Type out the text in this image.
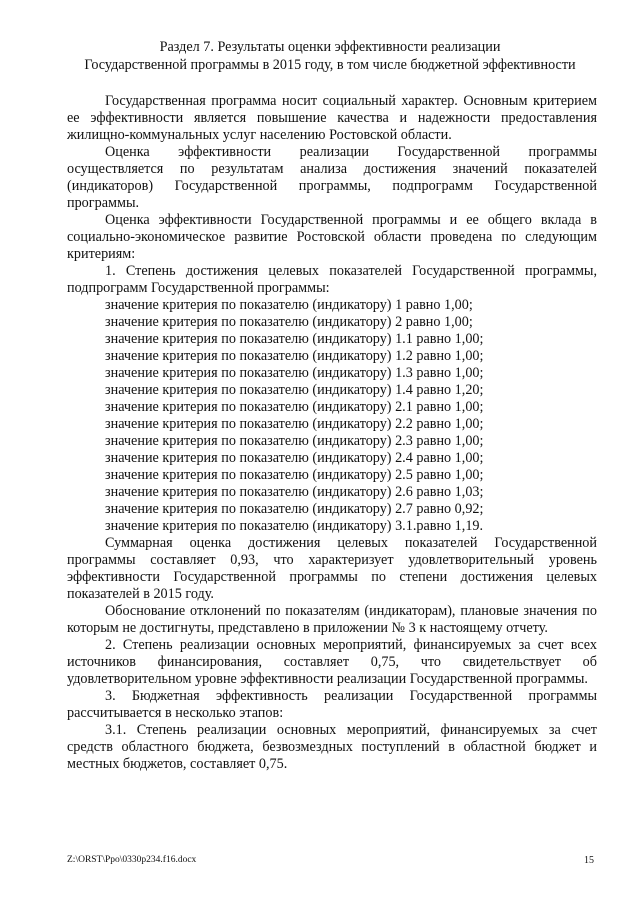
Раздел 7. Результаты оценки эффективности реализации
Государственной программы в 2015 году, в том числе бюджетной эффективности

Государственная программа носит социальный характер. Основным критерием ее эффективности является повышение качества и надежности предоставления жилищно-коммунальных услуг населению Ростовской области.

Оценка эффективности реализации Государственной программы осуществляется по результатам анализа достижения значений показателей (индикаторов) Государственной программы, подпрограмм Государственной программы.

Оценка эффективности Государственной программы и ее общего вклада в социально-экономическое развитие Ростовской области проведена по следующим критериям:

1. Степень достижения целевых показателей Государственной программы, подпрограмм Государственной программы:

значение критерия по показателю (индикатору) 1 равно 1,00;

значение критерия по показателю (индикатору) 2 равно 1,00;

значение критерия по показателю (индикатору) 1.1 равно 1,00;

значение критерия по показателю (индикатору) 1.2 равно 1,00;

значение критерия по показателю (индикатору) 1.3 равно 1,00;

значение критерия по показателю (индикатору) 1.4 равно 1,20;

значение критерия по показателю (индикатору) 2.1 равно 1,00;

значение критерия по показателю (индикатору) 2.2 равно 1,00;

значение критерия по показателю (индикатору) 2.3 равно 1,00;

значение критерия по показателю (индикатору) 2.4 равно 1,00;

значение критерия по показателю (индикатору) 2.5 равно 1,00;

значение критерия по показателю (индикатору) 2.6 равно 1,03;

значение критерия по показателю (индикатору) 2.7 равно 0,92;

значение критерия по показателю (индикатору) 3.1.равно 1,19.

Суммарная оценка достижения целевых показателей Государственной программы составляет 0,93, что характеризует удовлетворительный уровень эффективности Государственной программы по степени достижения целевых показателей в 2015 году.

Обоснование отклонений по показателям (индикаторам), плановые значения по которым не достигнуты, представлено в приложении № 3 к настоящему отчету.

2. Степень реализации основных мероприятий, финансируемых за счет всех источников финансирования, составляет 0,75, что свидетельствует об удовлетворительном уровне эффективности реализации Государственной программы.

3. Бюджетная эффективность реализации Государственной программы рассчитывается в несколько этапов:

3.1. Степень реализации основных мероприятий, финансируемых за счет средств областного бюджета, безвозмездных поступлений в областной бюджет и местных бюджетов, составляет 0,75.

Z:\ORST\Ppo\0330p234.f16.docx	15
